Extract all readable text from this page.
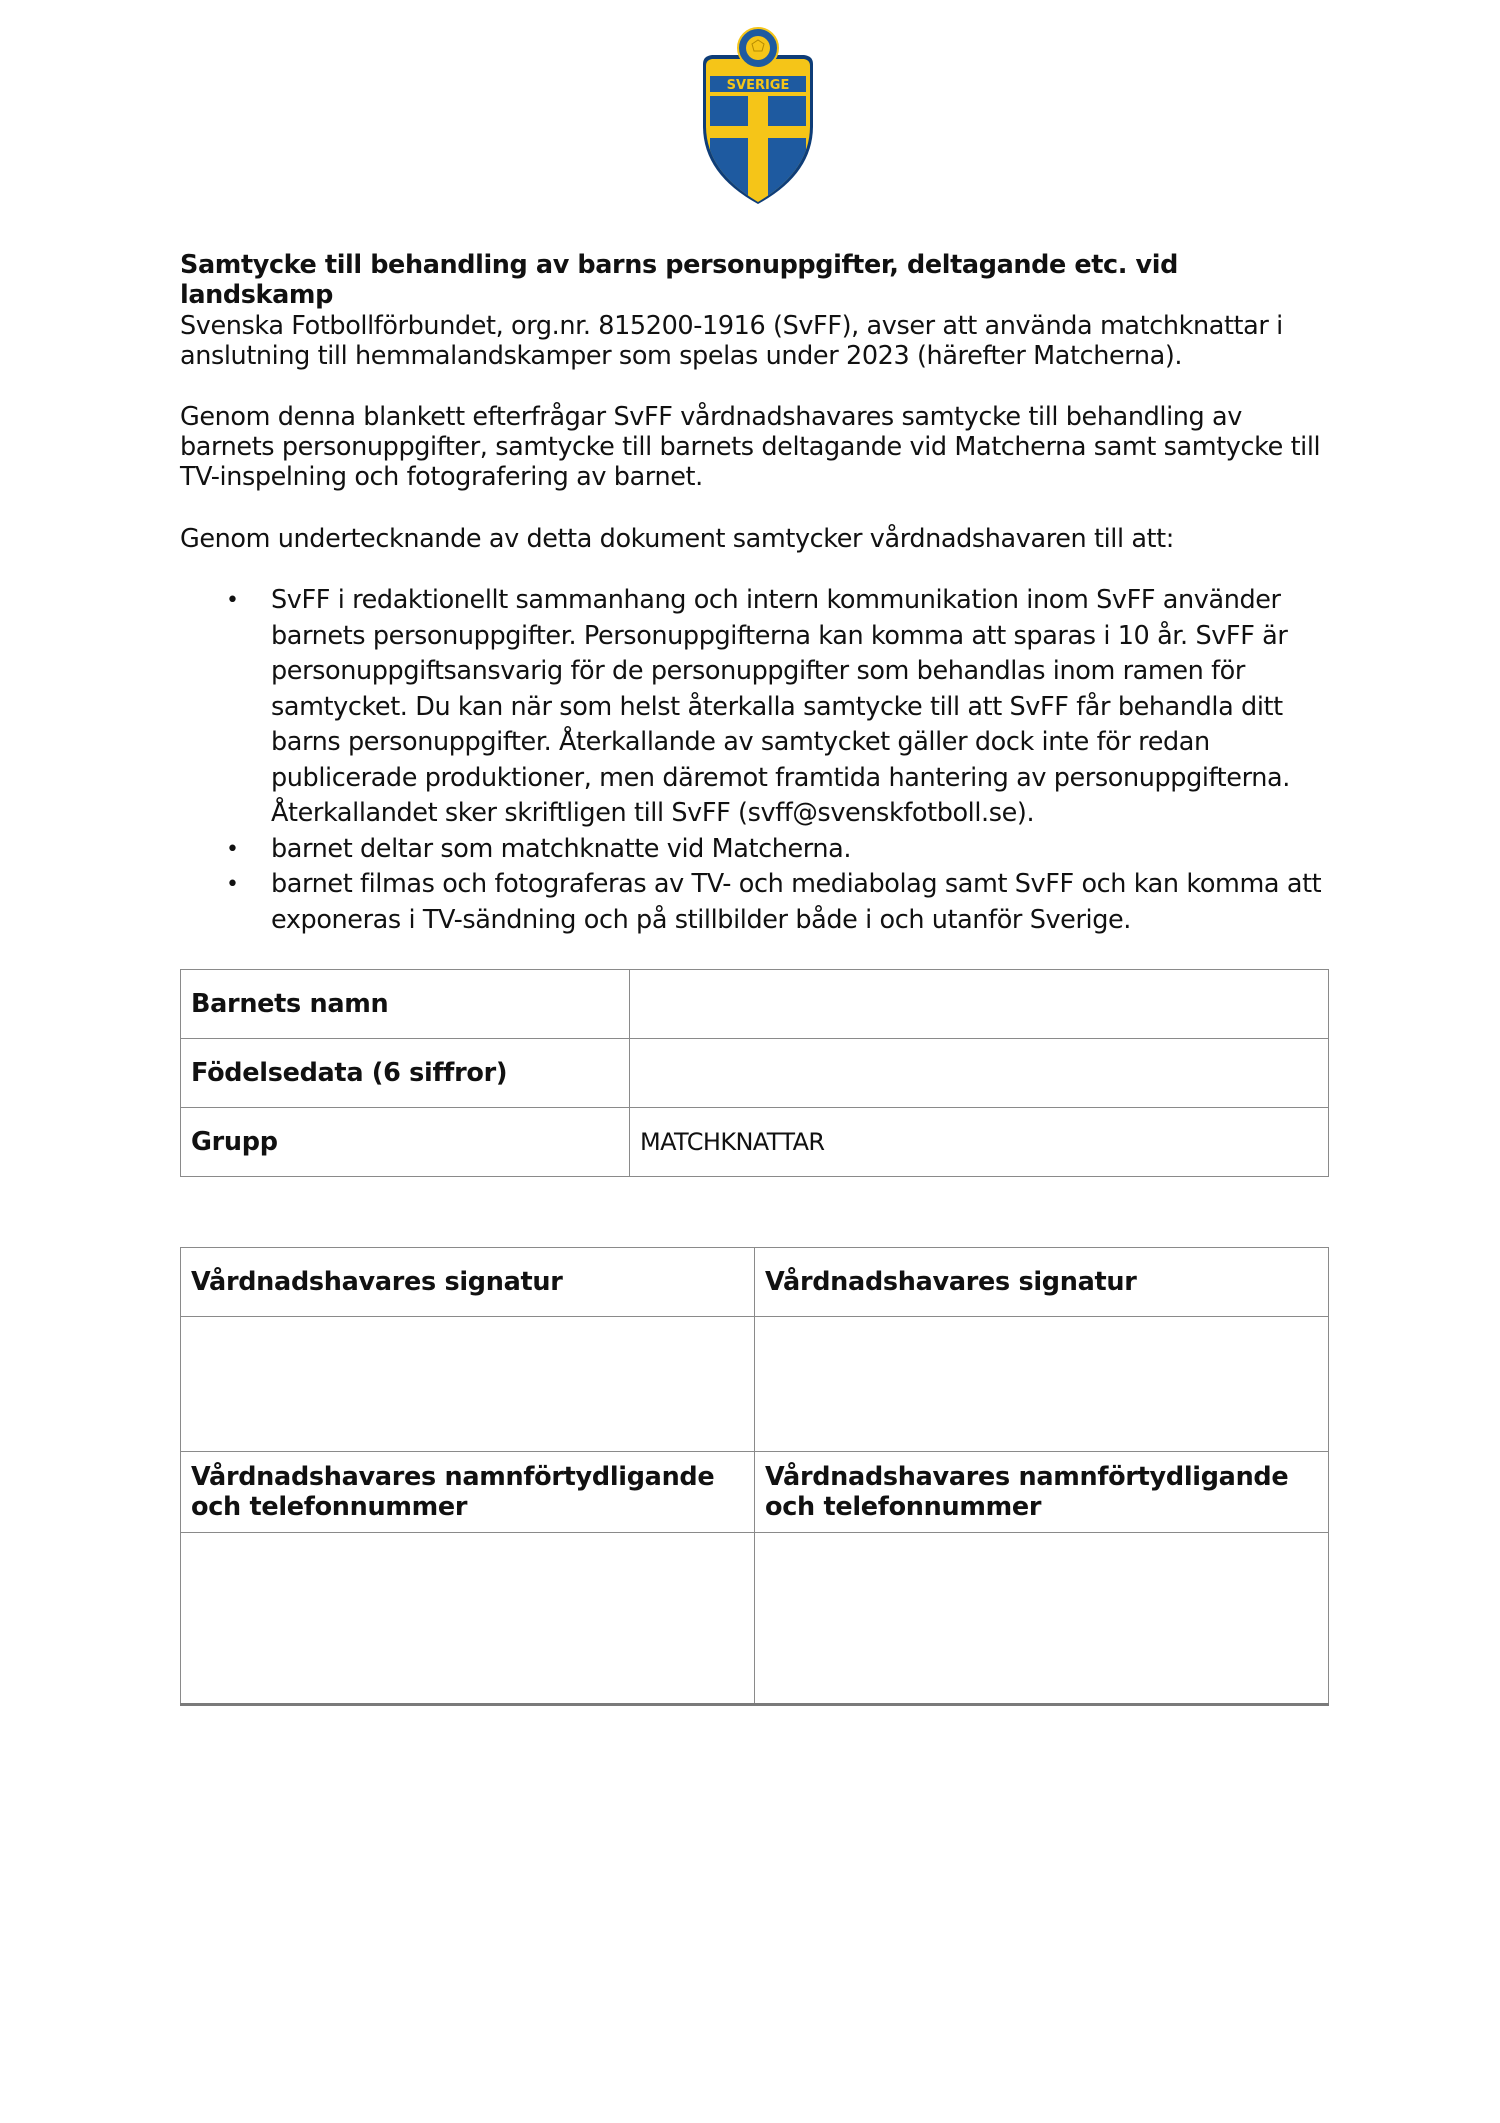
SVERIGE
Samtycke till behandling av barns personuppgifter, deltagande etc. vid landskamp
Svenska Fotbollförbundet, org.nr. 815200-1916 (SvFF), avser att använda matchknattar i anslutning till hemmalandskamper som spelas under 2023 (härefter Matcherna).
Genom denna blankett efterfrågar SvFF vårdnadshavares samtycke till behandling av barnets personuppgifter, samtycke till barnets deltagande vid Matcherna samt samtycke till TV-inspelning och fotografering av barnet.
Genom undertecknande av detta dokument samtycker vårdnadshavaren till att:
• SvFF i redaktionellt sammanhang och intern kommunikation inom SvFF använder barnets personuppgifter. Personuppgifterna kan komma att sparas i 10 år. SvFF är personuppgiftsansvarig för de personuppgifter som behandlas inom ramen för samtycket. Du kan när som helst återkalla samtycke till att SvFF får behandla ditt barns personuppgifter. Återkallande av samtycket gäller dock inte för redan publicerade produktioner, men däremot framtida hantering av personuppgifterna. Återkallandet sker skriftligen till SvFF (svff@svenskfotboll.se).
• barnet deltar som matchknatte vid Matcherna.
• barnet filmas och fotograferas av TV- och mediabolag samt SvFF och kan komma att exponeras i TV-sändning och på stillbilder både i och utanför Sverige.
Barnets namn	
Födelsedata (6 siffror)	
Grupp	MATCHKNATTAR
Vårdnadshavares signatur	Vårdnadshavares signatur

Vårdnadshavares namnförtydligande och telefonnummer	Vårdnadshavares namnförtydligande och telefonnummer
